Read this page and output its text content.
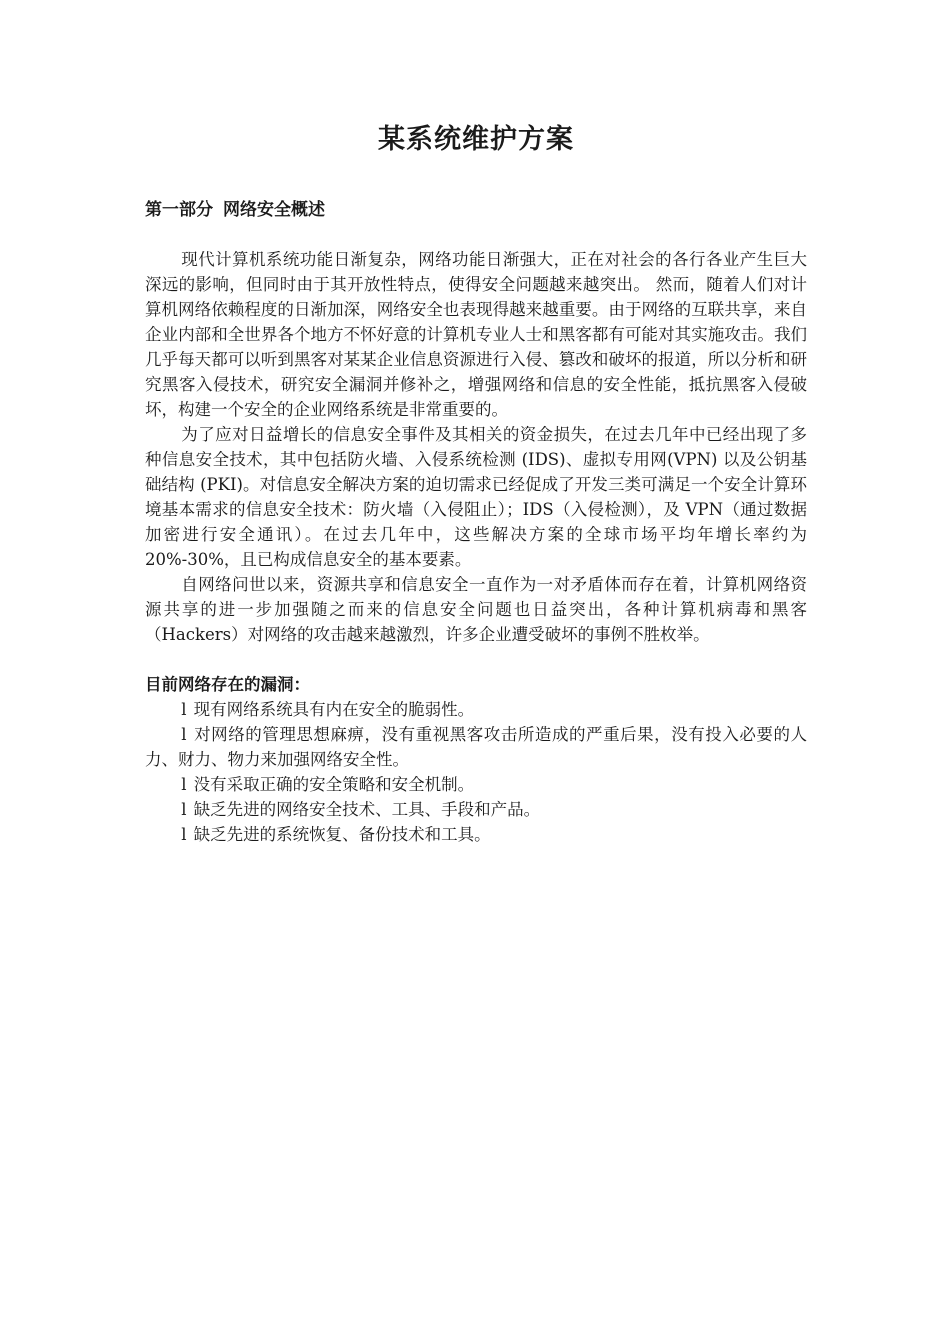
某系统维护方案
第一部分 网络安全概述

现代计算机系统功能日渐复杂，网络功能日渐强大，正在对社会的各行各业产生巨大深远的影响，但同时由于其开放性特点，使得安全问题越来越突出。 然而，随着人们对计算机网络依赖程度的日渐加深，网络安全也表现得越来越重要。由于网络的互联共享，来自企业内部和全世界各个地方不怀好意的计算机专业人士和黑客都有可能对其实施攻击。我们几乎每天都可以听到黑客对某某企业信息资源进行入侵、篡改和破坏的报道，所以分析和研究黑客入侵技术，研究安全漏洞并修补之，增强网络和信息的安全性能，抵抗黑客入侵破坏，构建一个安全的企业网络系统是非常重要的。

为了应对日益增长的信息安全事件及其相关的资金损失，在过去几年中已经出现了多种信息安全技术，其中包括防火墙、入侵系统检测 (IDS)、虚拟专用网(VPN) 以及公钥基础结构 (PKI)。对信息安全解决方案的迫切需求已经促成了开发三类可满足一个安全计算环境基本需求的信息安全技术：防火墙（入侵阻止）；IDS（入侵检测），及 VPN（通过数据加密进行安全通讯）。在过去几年中，这些解决方案的全球市场平均年增长率约为 20%-30%，且已构成信息安全的基本要素。

自网络问世以来，资源共享和信息安全一直作为一对矛盾体而存在着，计算机网络资源共享的进一步加强随之而来的信息安全问题也日益突出，各种计算机病毒和黑客（Hackers）对网络的攻击越来越激烈，许多企业遭受破坏的事例不胜枚举。

目前网络存在的漏洞：
l 现有网络系统具有内在安全的脆弱性。
l 对网络的管理思想麻痹，没有重视黑客攻击所造成的严重后果，没有投入必要的人力、财力、物力来加强网络安全性。
l 没有采取正确的安全策略和安全机制。
l 缺乏先进的网络安全技术、工具、手段和产品。
l 缺乏先进的系统恢复、备份技术和工具。
